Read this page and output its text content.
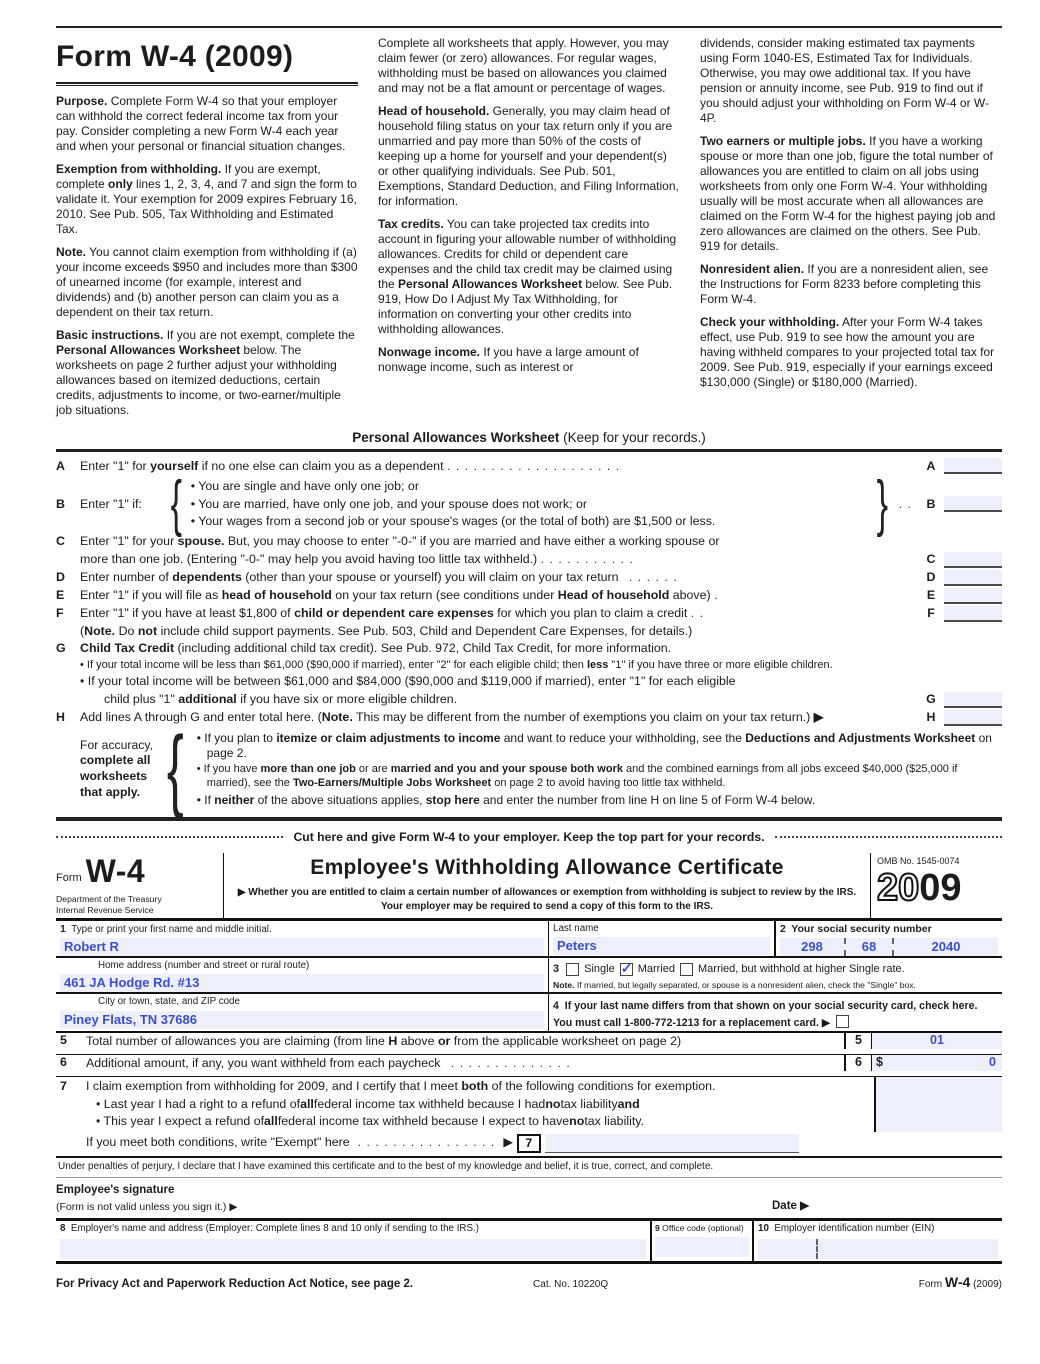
Form W-4 (2009)

Purpose. Complete Form W-4 so that your employer can withhold the correct federal income tax from your pay. Consider completing a new Form W-4 each year and when your personal or financial situation changes.

Exemption from withholding. If you are exempt, complete only lines 1, 2, 3, 4, and 7 and sign the form to validate it. Your exemption for 2009 expires February 16, 2010. See Pub. 505, Tax Withholding and Estimated Tax.

Note. You cannot claim exemption from withholding if (a) your income exceeds $950 and includes more than $300 of unearned income (for example, interest and dividends) and (b) another person can claim you as a dependent on their tax return.

Basic instructions. If you are not exempt, complete the Personal Allowances Worksheet below. The worksheets on page 2 further adjust your withholding allowances based on itemized deductions, certain credits, adjustments to income, or two-earner/multiple job situations.

Complete all worksheets that apply. However, you may claim fewer (or zero) allowances. For regular wages, withholding must be based on allowances you claimed and may not be a flat amount or percentage of wages.

Head of household. Generally, you may claim head of household filing status on your tax return only if you are unmarried and pay more than 50% of the costs of keeping up a home for yourself and your dependent(s) or other qualifying individuals. See Pub. 501, Exemptions, Standard Deduction, and Filing Information, for information.

Tax credits. You can take projected tax credits into account in figuring your allowable number of withholding allowances. Credits for child or dependent care expenses and the child tax credit may be claimed using the Personal Allowances Worksheet below. See Pub. 919, How Do I Adjust My Tax Withholding, for information on converting your other credits into withholding allowances.

Nonwage income. If you have a large amount of nonwage income, such as interest or

dividends, consider making estimated tax payments using Form 1040-ES, Estimated Tax for Individuals. Otherwise, you may owe additional tax. If you have pension or annuity income, see Pub. 919 to find out if you should adjust your withholding on Form W-4 or W-4P.

Two earners or multiple jobs. If you have a working spouse or more than one job, figure the total number of allowances you are entitled to claim on all jobs using worksheets from only one Form W-4. Your withholding usually will be most accurate when all allowances are claimed on the Form W-4 for the highest paying job and zero allowances are claimed on the others. See Pub. 919 for details.

Nonresident alien. If you are a nonresident alien, see the Instructions for Form 8233 before completing this Form W-4.

Check your withholding. After your Form W-4 takes effect, use Pub. 919 to see how the amount you are having withheld compares to your projected total tax for 2009. See Pub. 919, especially if your earnings exceed $130,000 (Single) or $180,000 (Married).

Personal Allowances Worksheet (Keep for your records.)
A	Enter "1" for yourself if no one else can claim you as a dependent . . . . . . . . . . . . . . . . . . . .	A
B	Enter "1" if: { • You are single and have only one job; or
• You are married, have only one job, and your spouse does not work; or
• Your wages from a second job or your spouse's wages (or the total of both) are $1,500 or less.	} . .	B
C	Enter "1" for your spouse. But, you may choose to enter "-0-" if you are married and have either a working spouse or
more than one job. (Entering "-0-" may help you avoid having too little tax withheld.) . . . . . . . . . . .	C
D	Enter number of dependents (other than your spouse or yourself) you will claim on your tax return . . . . . .	D
E	Enter "1" if you will file as head of household on your tax return (see conditions under Head of household above) .	E
F	Enter "1" if you have at least $1,800 of child or dependent care expenses for which you plan to claim a credit . .	F
(Note. Do not include child support payments. See Pub. 503, Child and Dependent Care Expenses, for details.)
G	Child Tax Credit (including additional child tax credit). See Pub. 972, Child Tax Credit, for more information.
• If your total income will be less than $61,000 ($90,000 if married), enter "2" for each eligible child; then less "1" if you have three or more eligible children.
• If your total income will be between $61,000 and $84,000 ($90,000 and $119,000 if married), enter "1" for each eligible
child plus "1" additional if you have six or more eligible children.	G
H	Add lines A through G and enter total here. (Note. This may be different from the number of exemptions you claim on your tax return.) ▶	H
For accuracy, complete all worksheets that apply. { • If you plan to itemize or claim adjustments to income and want to reduce your withholding, see the Deductions and Adjustments Worksheet on page 2.
• If you have more than one job or are married and you and your spouse both work and the combined earnings from all jobs exceed $40,000 ($25,000 if married), see the Two-Earners/Multiple Jobs Worksheet on page 2 to avoid having too little tax withheld.
• If neither of the above situations applies, stop here and enter the number from line H on line 5 of Form W-4 below.
Cut here and give Form W-4 to your employer. Keep the top part for your records.
Form W-4
Department of the Treasury
Internal Revenue Service
Employee's Withholding Allowance Certificate
▶ Whether you are entitled to claim a certain number of allowances or exemption from withholding is subject to review by the IRS. Your employer may be required to send a copy of this form to the IRS.
OMB No. 1545-0074
2009
1 Type or print your first name and middle initial.
Robert R
Last name
Peters
2 Your social security number
298	68	2040
Home address (number and street or rural route)
461 JA Hodge Rd. #13
3 Single ✓ Married Married, but withhold at higher Single rate.
Note. If married, but legally separated, or spouse is a nonresident alien, check the "Single" box.
City or town, state, and ZIP code
Piney Flats, TN 37686
4 If your last name differs from that shown on your social security card, check here. You must call 1-800-772-1213 for a replacement card. ▶
5	Total number of allowances you are claiming (from line H above or from the applicable worksheet on page 2)	5	01
6	Additional amount, if any, you want withheld from each paycheck . . . . . . . . . . . . . .	6	$	0
7	I claim exemption from withholding for 2009, and I certify that I meet both of the following conditions for exemption.
• Last year I had a right to a refund of all federal income tax withheld because I had no tax liability and
• This year I expect a refund of all federal income tax withheld because I expect to have no tax liability.
If you meet both conditions, write "Exempt" here . . . . . . . . . . . . . . . . ▶	7
Under penalties of perjury, I declare that I have examined this certificate and to the best of my knowledge and belief, it is true, correct, and complete.
Employee's signature
(Form is not valid unless you sign it.) ▶	Date ▶
8 Employer's name and address (Employer: Complete lines 8 and 10 only if sending to the IRS.)	9 Office code (optional)	10 Employer identification number (EIN)
For Privacy Act and Paperwork Reduction Act Notice, see page 2.	Cat. No. 10220Q	Form W-4 (2009)
